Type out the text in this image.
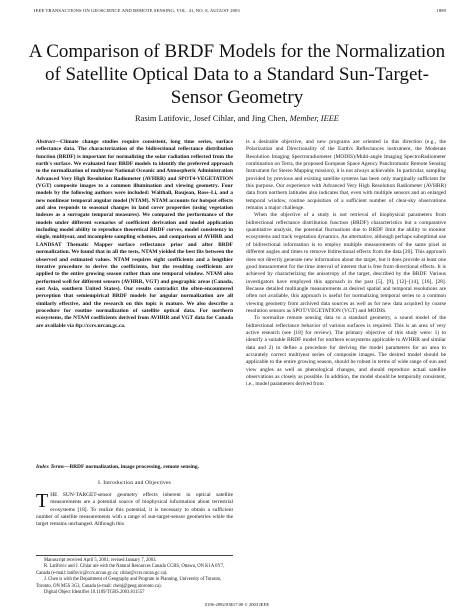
IEEE TRANSACTIONS ON GEOSCIENCE AND REMOTE SENSING, VOL. 41, NO. 8, AUGUST 2003	1889
A Comparison of BRDF Models for the Normalization of Satellite Optical Data to a Standard Sun-Target-Sensor Geometry
Rasim Latifovic, Josef Cihlar, and Jing Chen, Member, IEEE

Abstract—Climate change studies require consistent, long time series, surface reflectance data. The characterization of the bidirectional reflectance distribution function (BRDF) is important for normalizing the solar radiation reflected from the earth's surface. We evaluated four BRDF models to identify the preferred approach to the normalization of multiyear National Oceanic and Atmospheric Administration Advanced Very High Resolution Radiometer (AVHRR) and SPOT4-VEGETATION (VGT) composite images to a common illumination and viewing geometry. Four models by the following authors were included: Walthall, Roujean, Ross–Li, and a new nonlinear temporal angular model (NTAM). NTAM accounts for hotspot effects and also responds to seasonal changes in land cover properties (using vegetation indexes as a surrogate temporal measures). We compared the performance of the models under different scenarios of coefficient derivation and model application including model ability to reproduce theoretical BRDF curves, model consistency in single, multiyear, and incomplete sampling schemes, and comparison of AVHRR and LANDSAT Thematic Mapper surface reflectance prior and after BRDF normalization. We found that in all the tests, NTAM yielded the best fits between the observed and estimated values. NTAM requires eight coefficients and a lengthier iterative procedure to derive the coefficients, but the resulting coefficients are applied to the entire growing season rather than one temporal window. NTAM also performed well for different sensors (AVHRR, VGT) and geographic areas (Canada, east Asia, southern United States). Our results contradict the often-encountered perception that semiempirical BRDF models for angular normalization are all similarly effective, and the research on this topic is mature. We also describe a procedure for routine normalization of satellite optical data. For northern ecosystems, the NTAM coefficients derived from AVHRR and VGT data for Canada are available via ftp://ccrs.nrcan.gc.ca.

Index Terms—BRDF normalization, image processing, remote sensing.

I. Introduction and Objectives

THE SUN-TARGET-sensor geometry effects inherent in optical satellite measurements are a potential source of biophysical information about terrestrial ecosystems [18]. To realize this potential, it is necessary to obtain a sufficient number of satellite measurements with a range of sun-target-sensor geometries while the target remains unchanged. Although this

Manuscript received April 5, 2001; revised January 7, 2003.

R. Latifovic and J. Cihlar are with the Natural Resources Canada CCRS, Ottawa, ON K1A 0Y7, Canada (e-mail: latifovic@ccrs.nrcan.gc.ca; cihlar@ccrs.nrcan.gc.ca).

J. Chen is with the Department of Geography and Program in Planning, University of Toronto, Toronto, ON M5S 3G3, Canada (e-mail: chenj@geog.utoronto.ca).

Digital Object Identifier 10.1109/TGRS.2003.811557

is a desirable objective, and new programs are oriented in this direction (e.g., the Polarization and Directionality of the Earth's Reflectances instrument, the Moderate Resolution Imaging Spectroradiometer (MODIS)/Multi-angle Imaging SpectroRadiometer combination on Terra, the proposed European Space Agency Panchromatic Remote Sensing Instrument for Stereo Mapping mission), it is not always achievable. In particular, sampling provided by previous and existing satellite systems has been only marginally sufficient for this purpose. Our experience with Advanced Very High Resolution Radiometer (AVHRR) data from northern latitudes also indicates that, even with multiple sensors and an enlarged temporal window, routine acquisition of a sufficient number of clear-sky observations remains a major challenge.

When the objective of a study is not retrieval of biophysical parameters from bidirectional reflectance distribution function (BRDF) characteristics but a comparative quantitative analysis, the potential fluctuations due to BRDF limit the ability to monitor ecosystems and track vegetation dynamics. An alternative, although perhaps suboptimal use of bidirectional information is to employ multiple measurements of the same pixel at different angles and times to remove bidirectional effects from the data [20]. This approach does not directly generate new information about the target, but it does provide at least one good measurement for the time interval of interest that is free from directional effects. It is achieved by characterizing the anisotropy of the target, described by the BRDF. Various investigators have employed this approach in the past [5], [9], [12]–[14], [16], [28]. Because detailed multiangle measurements at desired spatial and temporal resolutions are often not available, this approach is useful for normalizing temporal series to a common viewing geometry from archived data sources as well as for new data acquired by coarse resolution sensors as SPOT/VEGETATION (VGT) and MODIS.

To normalize remote sensing data to a standard geometry, a sound model of the bidirectional reflectance behavior of various surfaces is required. This is an area of very active research (see [18] for review). The primary objective of this study were: 1) to identify a suitable BRDF model for northern ecosystems applicable to AVHRR and similar data and 2) to define a procedure for deriving the model parameters for an area to accurately correct multiyear series of composite images. The desired model should be applicable to the entire growing season, should be robust in terms of wide range of sun and view angles as well as phenological changes, and should reproduce actual satellite observations as closely as possible. In addition, the model should be temporally consistent, i.e., model parameters derived from

0196-2892/03$17.00 © 2003 IEEE
